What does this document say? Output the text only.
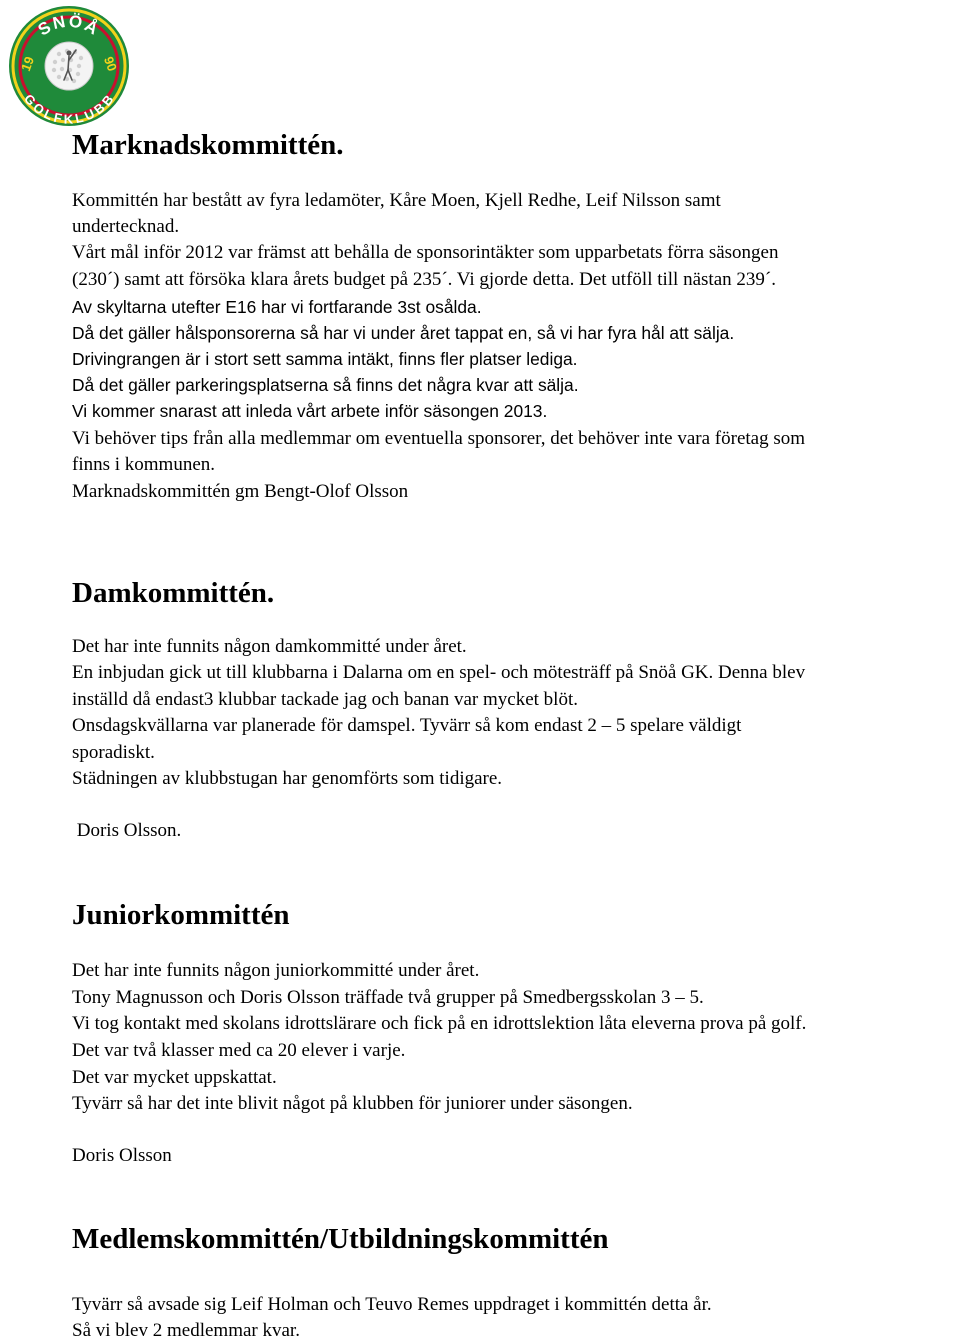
SNÖÅ
GOLFKLUBB
19	90
Marknadskommittén.
Kommittén har bestått av fyra ledamöter, Kåre Moen, Kjell Redhe, Leif Nilsson samt
undertecknad.
Vårt mål inför 2012 var främst att behålla de sponsorintäkter som upparbetats förra säsongen
(230´) samt att försöka klara årets budget på 235´. Vi gjorde detta. Det utföll till nästan 239´.
Av skyltarna utefter E16 har vi fortfarande 3st osålda.
Då det gäller hålsponsorerna så har vi under året tappat en, så vi har fyra hål att sälja.
Drivingrangen är i stort sett samma intäkt, finns fler platser lediga.
Då det gäller parkeringsplatserna så finns det några kvar att sälja.
Vi kommer snarast att inleda vårt arbete inför säsongen 2013.
Vi behöver tips från alla medlemmar om eventuella sponsorer, det behöver inte vara företag som
finns i kommunen.
Marknadskommittén gm Bengt-Olof Olsson
Damkommittén.
Det har inte funnits någon damkommitté under året.
En inbjudan gick ut till klubbarna i Dalarna om en spel- och mötesträff på Snöå GK. Denna blev
inställd då endast3 klubbar tackade jag och banan var mycket blöt.
Onsdagskvällarna var planerade för damspel. Tyvärr så kom endast 2 – 5 spelare väldigt
sporadiskt.
Städningen av klubbstugan har genomförts som tidigare.
Doris Olsson.
Juniorkommittén
Det har inte funnits någon juniorkommitté under året.
Tony Magnusson och Doris Olsson träffade två grupper på Smedbergsskolan 3 – 5.
Vi tog kontakt med skolans idrottslärare och fick på en idrottslektion låta eleverna prova på golf.
Det var två klasser med ca 20 elever i varje.
Det var mycket uppskattat.
Tyvärr så har det inte blivit något på klubben för juniorer under säsongen.
Doris Olsson
Medlemskommittén/Utbildningskommittén
Tyvärr så avsade sig Leif Holman och Teuvo Remes uppdraget i kommittén detta år.
Så vi blev 2 medlemmar kvar.
